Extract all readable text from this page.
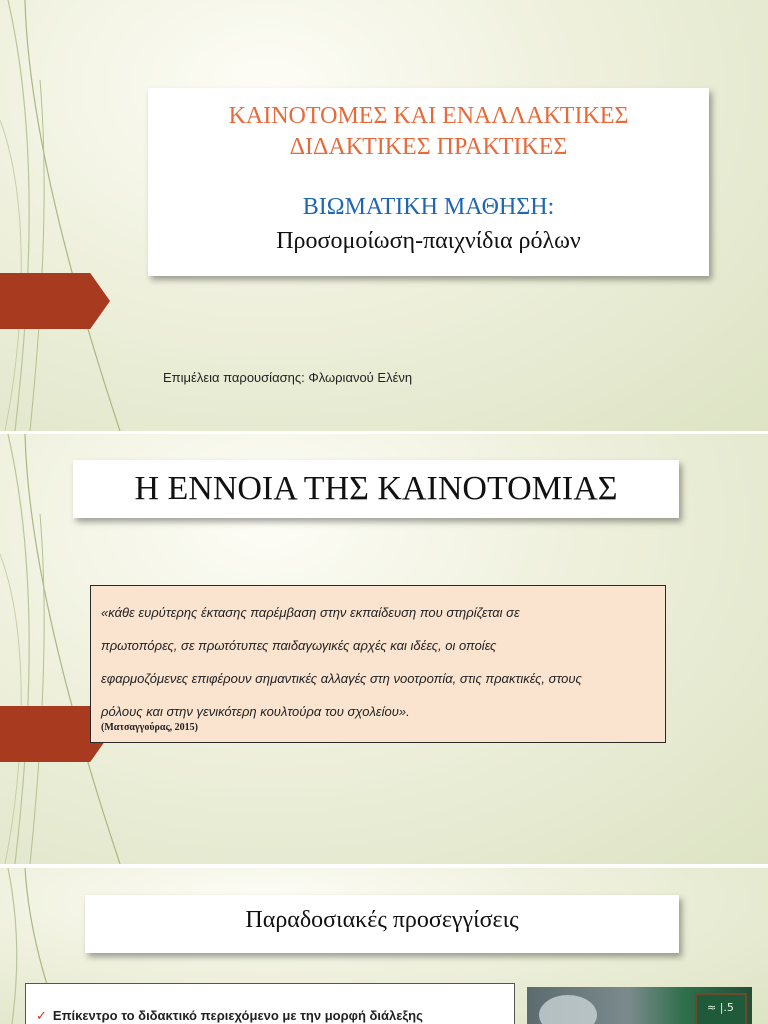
ΚΑΙΝΟΤΟΜΕΣ ΚΑΙ ΕΝΑΛΛΑΚΤΙΚΕΣ
ΔΙΔΑΚΤΙΚΕΣ ΠΡΑΚΤΙΚΕΣ
ΒΙΩΜΑΤΙΚΗ ΜΑΘΗΣΗ:
Προσομοίωση-παιχνίδια ρόλων
Επιμέλεια παρουσίασης: Φλωριανού Ελένη
Η ΕΝΝΟΙΑ ΤΗΣ ΚΑΙΝΟΤΟΜΙΑΣ
«κάθε ευρύτερης έκτασης παρέμβαση στην εκπαίδευση που στηρίζεται σε
πρωτοπόρες, σε πρωτότυπες παιδαγωγικές αρχές και ιδέες, οι οποίες
εφαρμοζόμενες επιφέρουν σημαντικές αλλαγές στη νοοτροπία, στις πρακτικές, στους
ρόλους και στην γενικότερη κουλτούρα του σχολείου».
(Ματσαγγούρας, 2015)
Παραδοσιακές προσεγγίσεις
✓ Επίκεντρο το διδακτικό περιεχόμενο με την μορφή διάλεξης
≈ |.5
